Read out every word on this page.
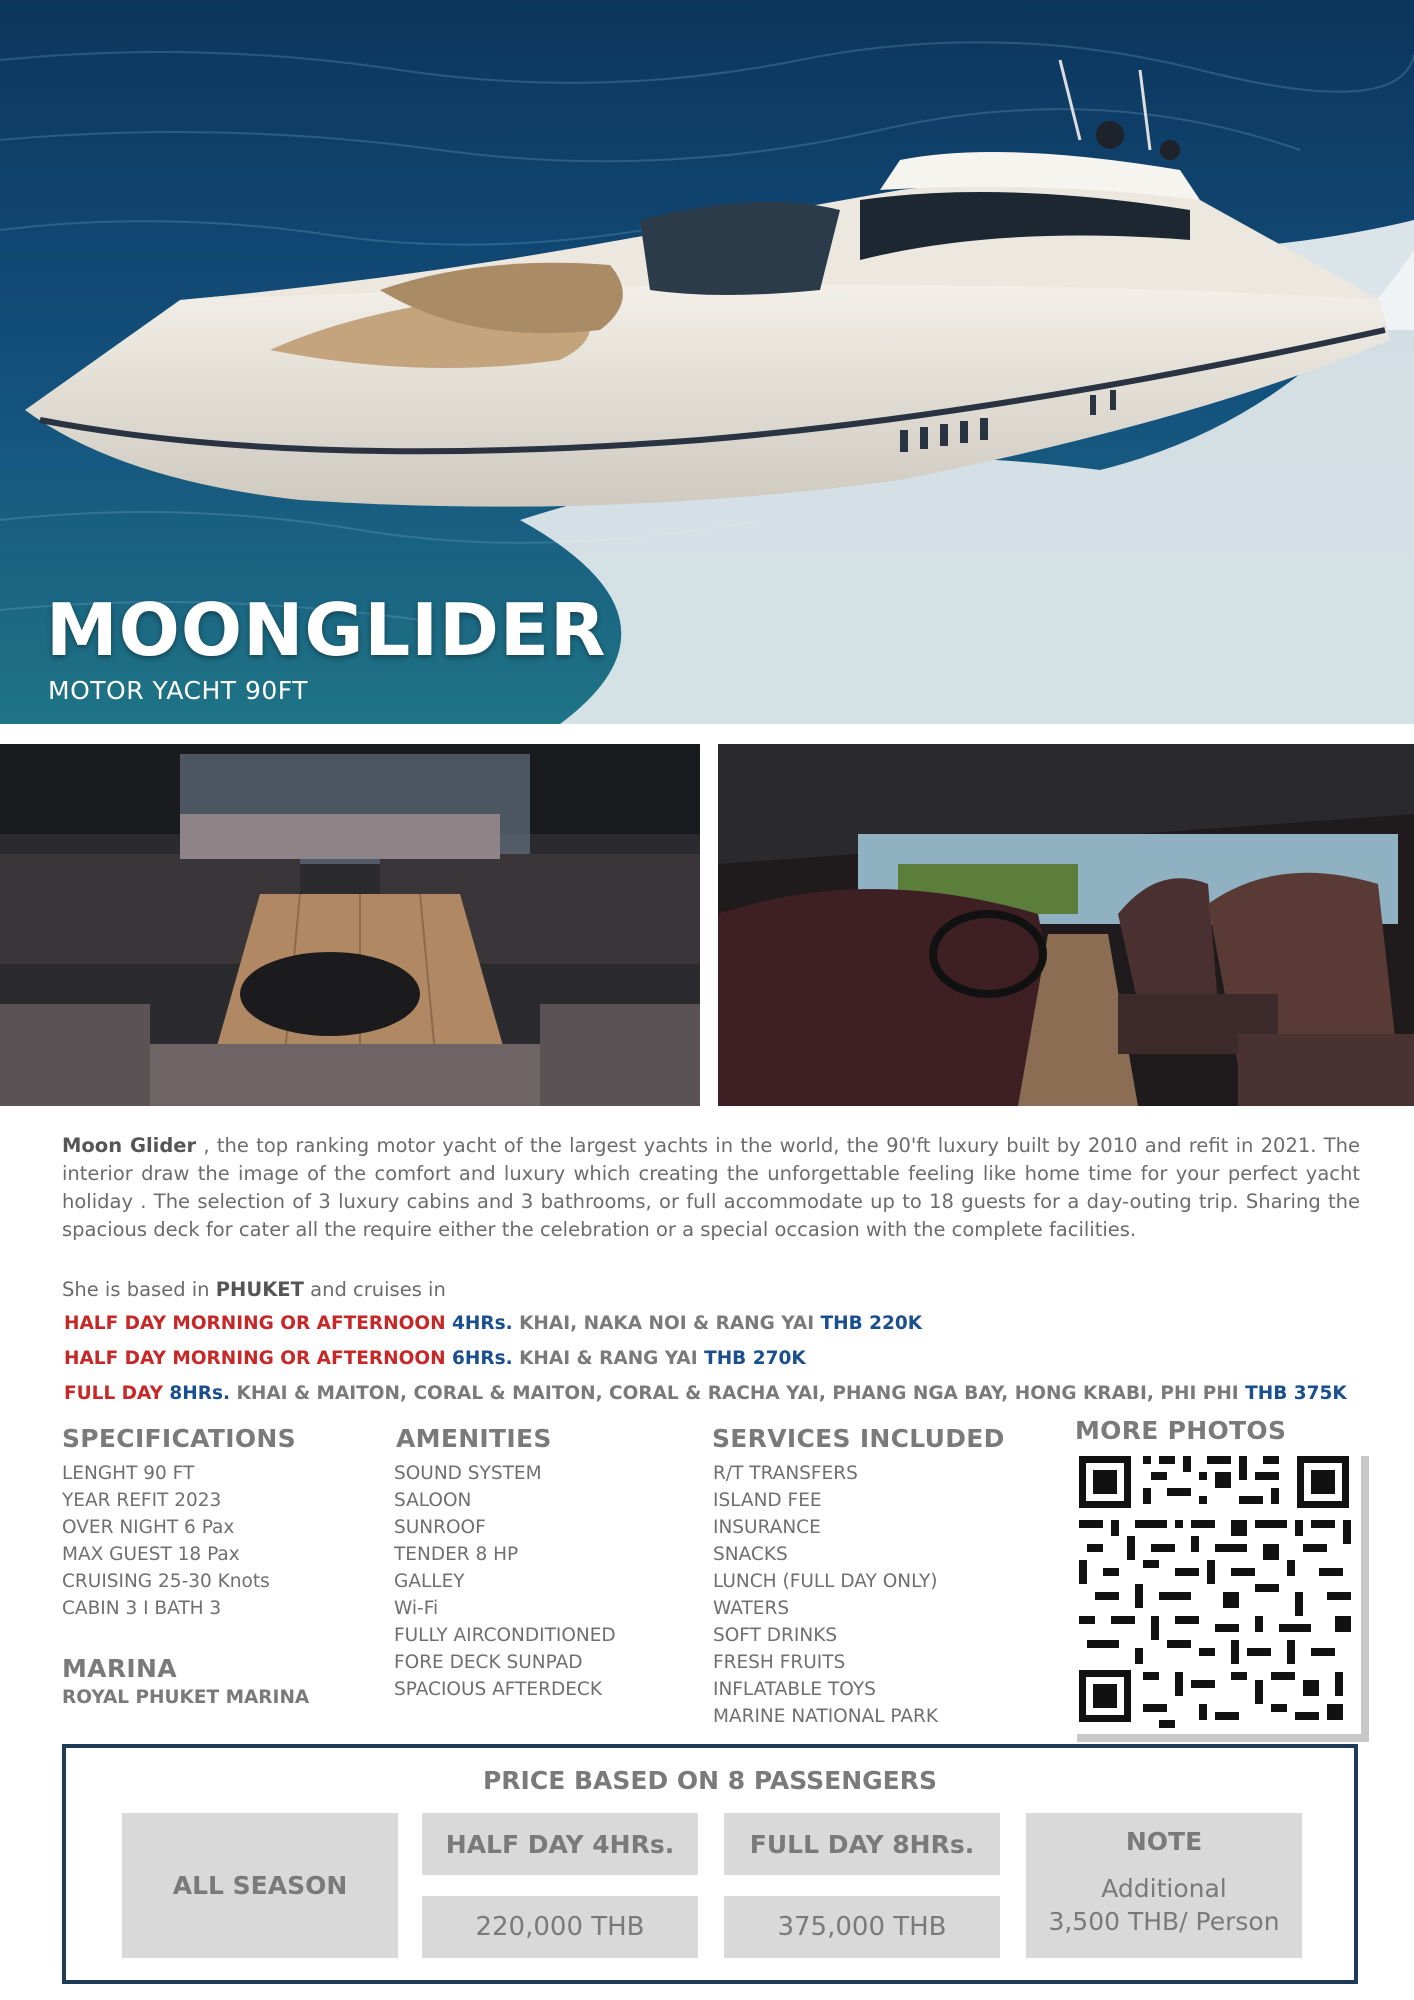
MOONGLIDER
MOTOR YACHT 90FT
Moon Glider , the top ranking motor yacht of the largest yachts in the world, the 90'ft luxury built by 2010 and refit in 2021. The interior draw the image of the comfort and luxury which creating the unforgettable feeling like home time for your perfect yacht holiday . The selection of 3 luxury cabins and 3 bathrooms, or full accommodate up to 18 guests for a day-outing trip. Sharing the spacious deck for cater all the require either the celebration or a special occasion with the complete facilities.
She is based in PHUKET and cruises in
HALF DAY MORNING OR AFTERNOON 4HRs. KHAI, NAKA NOI & RANG YAI THB 220K
HALF DAY MORNING OR AFTERNOON 6HRs. KHAI & RANG YAI THB 270K
FULL DAY 8HRs. KHAI & MAITON, CORAL & MAITON, CORAL & RACHA YAI, PHANG NGA BAY, HONG KRABI, PHI PHI THB 375K
SPECIFICATIONS
LENGHT 90 FT
YEAR REFIT 2023
OVER NIGHT 6 Pax
MAX GUEST 18 Pax
CRUISING 25-30 Knots
CABIN 3 I BATH 3
MARINA
ROYAL PHUKET MARINA
AMENITIES
SOUND SYSTEM
SALOON
SUNROOF
TENDER 8 HP
GALLEY
Wi-Fi
FULLY AIRCONDITIONED
FORE DECK SUNPAD
SPACIOUS AFTERDECK
SERVICES INCLUDED
R/T TRANSFERS
ISLAND FEE
INSURANCE
SNACKS
LUNCH (FULL DAY ONLY)
WATERS
SOFT DRINKS
FRESH FRUITS
INFLATABLE TOYS
MARINE NATIONAL PARK
MORE PHOTOS
PRICE BASED ON 8 PASSENGERS
ALL SEASON
HALF DAY 4HRs.
220,000 THB
FULL DAY 8HRs.
375,000 THB
NOTE
Additional
3,500 THB/ Person
